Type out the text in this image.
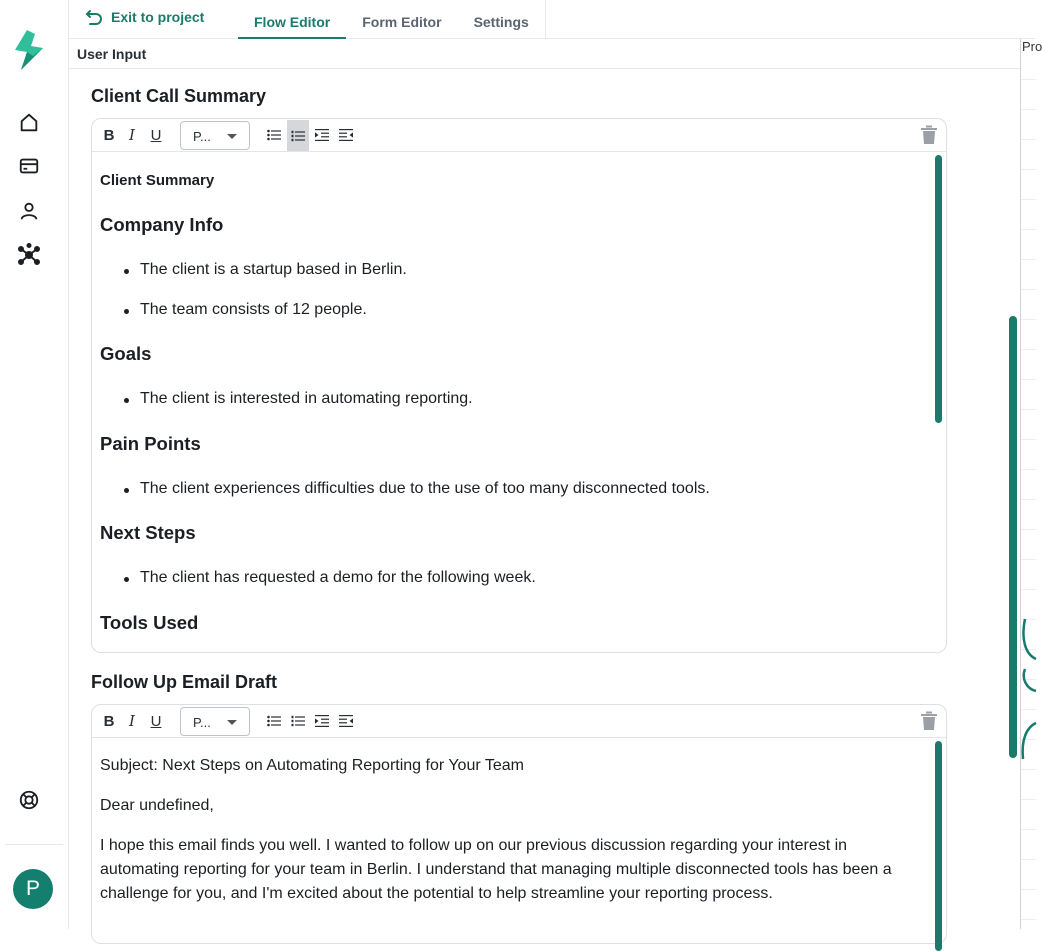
P
Exit to project	Flow Editor	Form Editor	Settings
User Input	Pro
Client Call Summary
B I U P...
Client Summary
Company Info
The client is a startup based in Berlin.
The team consists of 12 people.
Goals
The client is interested in automating reporting.
Pain Points
The client experiences difficulties due to the use of too many disconnected tools.
Next Steps
The client has requested a demo for the following week.
Tools Used
Follow Up Email Draft
B I U P...
Subject: Next Steps on Automating Reporting for Your Team
Dear undefined,
I hope this email finds you well. I wanted to follow up on our previous discussion regarding your interest in automating reporting for your team in Berlin. I understand that managing multiple disconnected tools has been a challenge for you, and I'm excited about the potential to help streamline your reporting process.
